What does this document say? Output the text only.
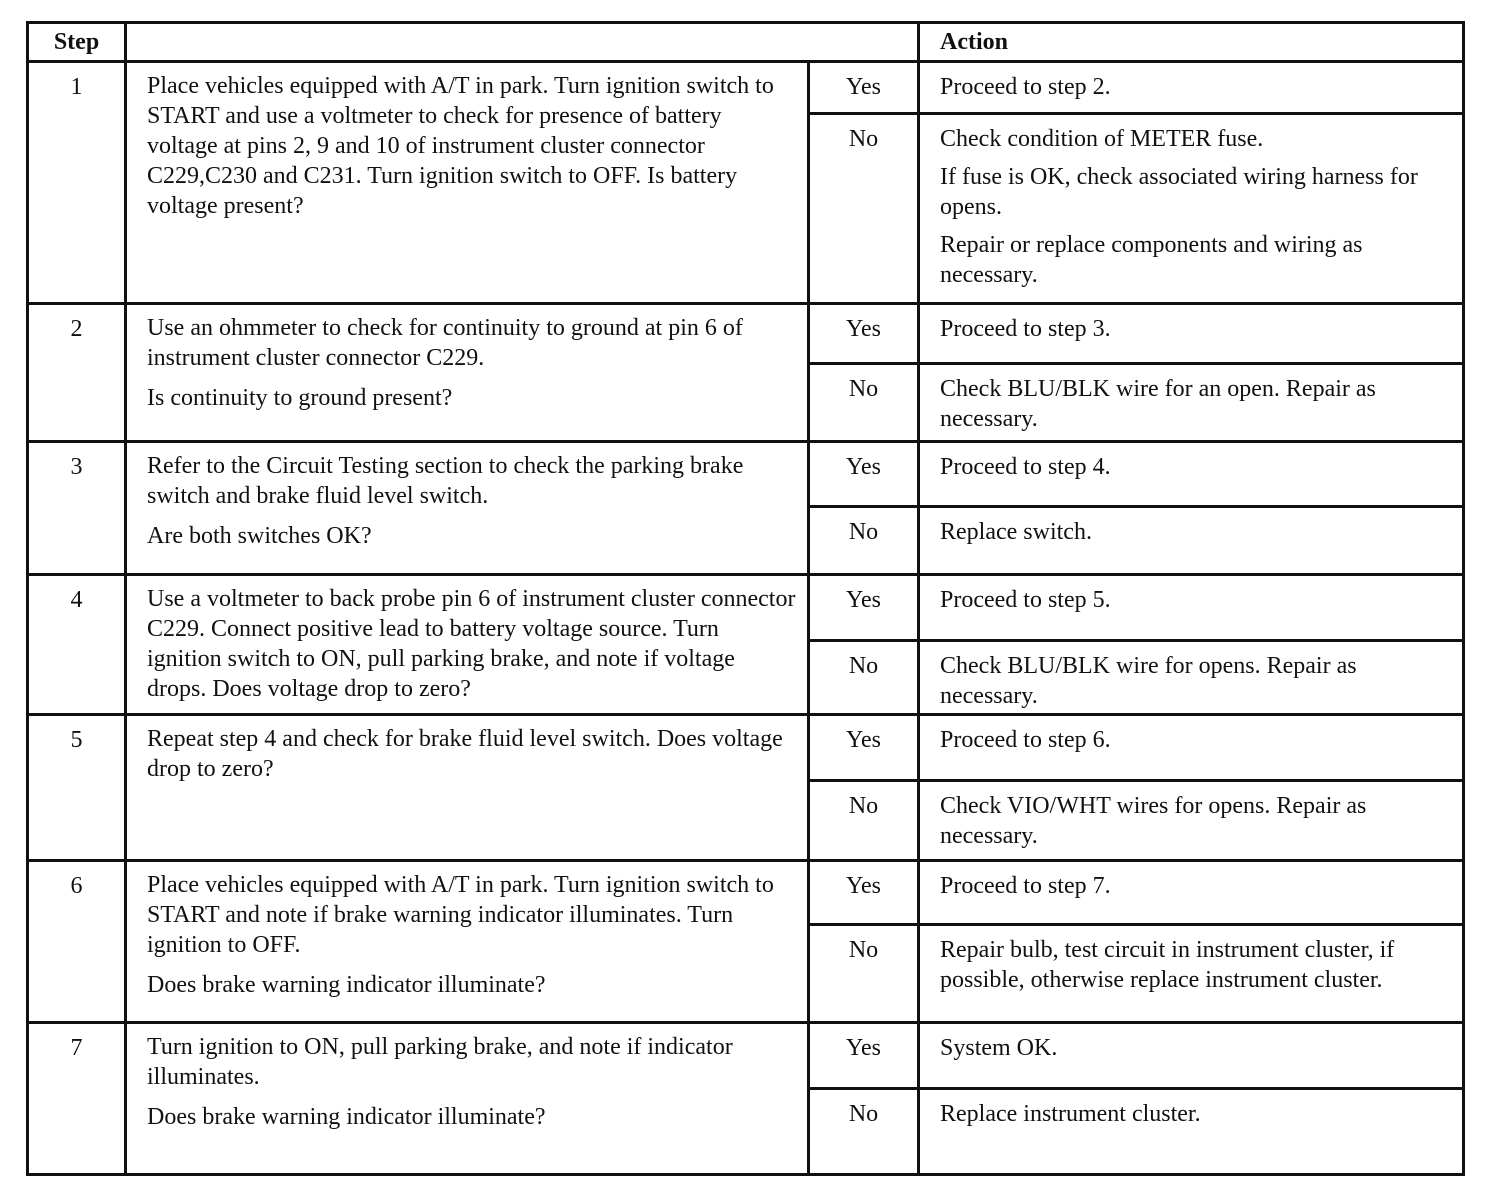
Step			Action
1	Place vehicles equipped with A/T in park. Turn ignition switch to START and use a voltmeter to check for presence of battery voltage at pins 2, 9 and 10 of instrument cluster connector C229,C230 and C231. Turn ignition switch to OFF. Is battery voltage present?	Yes	Proceed to step 2.

		No	Check condition of METER fuse.

If fuse is OK, check associated wiring harness for opens.

Repair or replace components and wiring as necessary.

2	Use an ohmmeter to check for continuity to ground at pin 6 of instrument cluster connector C229.

Is continuity to ground present?	Yes	Proceed to step 3.

		No	Check BLU/BLK wire for an open. Repair as necessary.

3	Refer to the Circuit Testing section to check the parking brake switch and brake fluid level switch.

Are both switches OK?	Yes	Proceed to step 4.

		No	Replace switch.

4	Use a voltmeter to back probe pin 6 of instrument cluster connector C229. Connect positive lead to battery voltage source. Turn ignition switch to ON, pull parking brake, and note if voltage drops. Does voltage drop to zero?	Yes	Proceed to step 5.

		No	Check BLU/BLK wire for opens. Repair as necessary.

5	Repeat step 4 and check for brake fluid level switch. Does voltage drop to zero?	Yes	Proceed to step 6.

		No	Check VIO/WHT wires for opens. Repair as necessary.

6	Place vehicles equipped with A/T in park. Turn ignition switch to START and note if brake warning indicator illuminates. Turn ignition to OFF.

Does brake warning indicator illuminate?	Yes	Proceed to step 7.

		No	Repair bulb, test circuit in instrument cluster, if possible, otherwise replace instrument cluster.

7	Turn ignition to ON, pull parking brake, and note if indicator illuminates.

Does brake warning indicator illuminate?	Yes	System OK.

		No	Replace instrument cluster.
